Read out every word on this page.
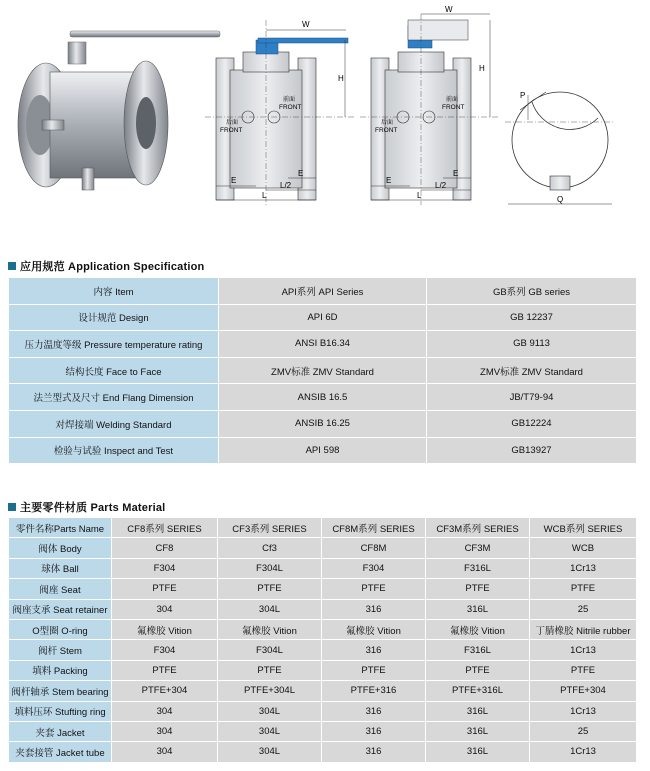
W
H
前面
FRONT
后面
FRONT
E
L/2
E
L
W
H
前面
FRONT
后面
FRONT
E
L/2
E
L
P
Q
应用规范 Application Specification
内容 Item	API系列 API Series	GB系列 GB series
设计规范 Design	API 6D	GB 12237
压力温度等级 Pressure temperature rating	ANSI B16.34	GB 9113
结构长度 Face to Face	ZMV标准 ZMV Standard	ZMV标准 ZMV Standard
法兰型式及尺寸 End Flang Dimension	ANSIB 16.5	JB/T79-94
对焊接端 Welding Standard	ANSIB 16.25	GB12224
检验与试验 Inspect and Test	API 598	GB13927
主要零件材质 Parts Material
零件名称Parts Name	CF8系列 SERIES	CF3系列 SERIES	CF8M系列 SERIES	CF3M系列 SERIES	WCB系列 SERIES
阀体 Body	CF8	Cf3	CF8M	CF3M	WCB
球体 Ball	F304	F304L	F304	F316L	1Cr13
阀座 Seat	PTFE	PTFE	PTFE	PTFE	PTFE
阀座支承 Seat retainer	304	304L	316	316L	25
O型圈 O-ring	氟橡胶 Vition	氟橡胶 Vition	氟橡胶 Vition	氟橡胶 Vition	丁腈橡胶 Nitrile rubber
阀杆 Stem	F304	F304L	316	F316L	1Cr13
填料 Packing	PTFE	PTFE	PTFE	PTFE	PTFE
阀杆轴承 Stem bearing	PTFE+304	PTFE+304L	PTFE+316	PTFE+316L	PTFE+304
填料压环 Stufting ring	304	304L	316	316L	1Cr13
夹套 Jacket	304	304L	316	316L	25
夹套接管 Jacket tube	304	304L	316	316L	1Cr13
